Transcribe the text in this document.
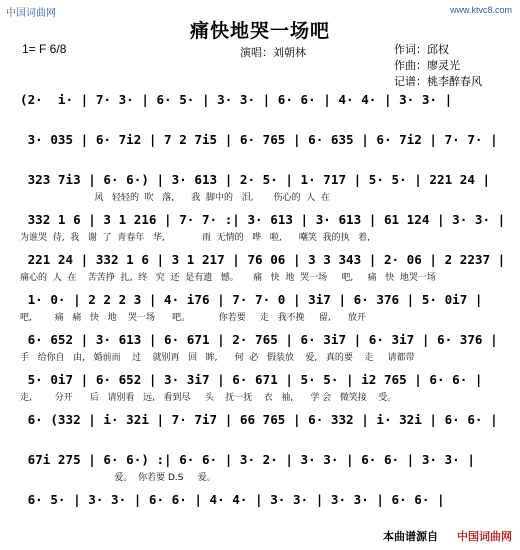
中国词曲网	www.ktvc8.com
痛快地哭一场吧
1= F 6/8	演唱：刘朝林	作词：邱权
作曲：廖灵光
记谱：桃李醉春风
(2·  i· | 7· 3· | 6· 5· | 3· 3· | 6· 6· | 4· 4· | 3· 3· |
3· 035 | 6· 7i2 | 7 2 7i5 | 6· 765 | 6· 635 | 6· 7i2 | 7· 7· |
323 7i3 | 6· 6·) | 3· 613 | 2· 5· | 1· 717 | 5· 5· | 221 24 |
风   轻轻的  吹   落,      我  脚中的   泪,       伤心的  人  在
332 1 6 | 3 1 216 | 7· 7· :| 3· 613 | 3· 613 | 61 124 | 3· 3· |
为谁哭  待,  我   谢  了  青春年   华,             雨  无情的   哗   啦,      嘲笑  我的执   着,
221 24 | 332 1 6 | 3 1 217 | 76 06 | 3 3 343 | 2· 06 | 2 2237 |
痛心的  人  在    苦苦挣  扎,  终   究  还  是有遗   憾。     痛   快  地  哭一场     吧,     痛   快  地哭一场
1· 0· | 2 2 2 3 | 4· i76 | 7· 7· 0 | 3i7 | 6· 376 | 5· 0i7 |
吧,        痛   痛   快   地    哭一场      吧。          你若要     走   我不挽     留,      放开
6· 652 | 3· 613 | 6· 671 | 2· 765 | 6· 3i7 | 6· 3i7 | 6· 376 |
手   给你自   由,   婚前而    过    就别再   回   眸,      何  必   假装放    爱,   真的要    走     请都带
5· 0i7 | 6· 652 | 3· 3i7 | 6· 671 | 5· 5· | i2 765 | 6· 6· |
走,        分开      后   请别看   远,   看到尽     头    抚一抚    衣   袖,      学 会   微笑接    受。
6· (332 | i· 32i | 7· 7i7 | 66 765 | 6· 332 | i· 32i | 6· 6· |
67i 275 | 6· 6·) :| 6· 6· | 3· 2· | 3· 3· | 6· 6· | 3· 3· |
爱。  你若要 D.S     爱。
6· 5· | 3· 3· | 6· 6· | 4· 4· | 3· 3· | 3· 3· | 6· 6· |
本曲谱源自 中国词曲网
